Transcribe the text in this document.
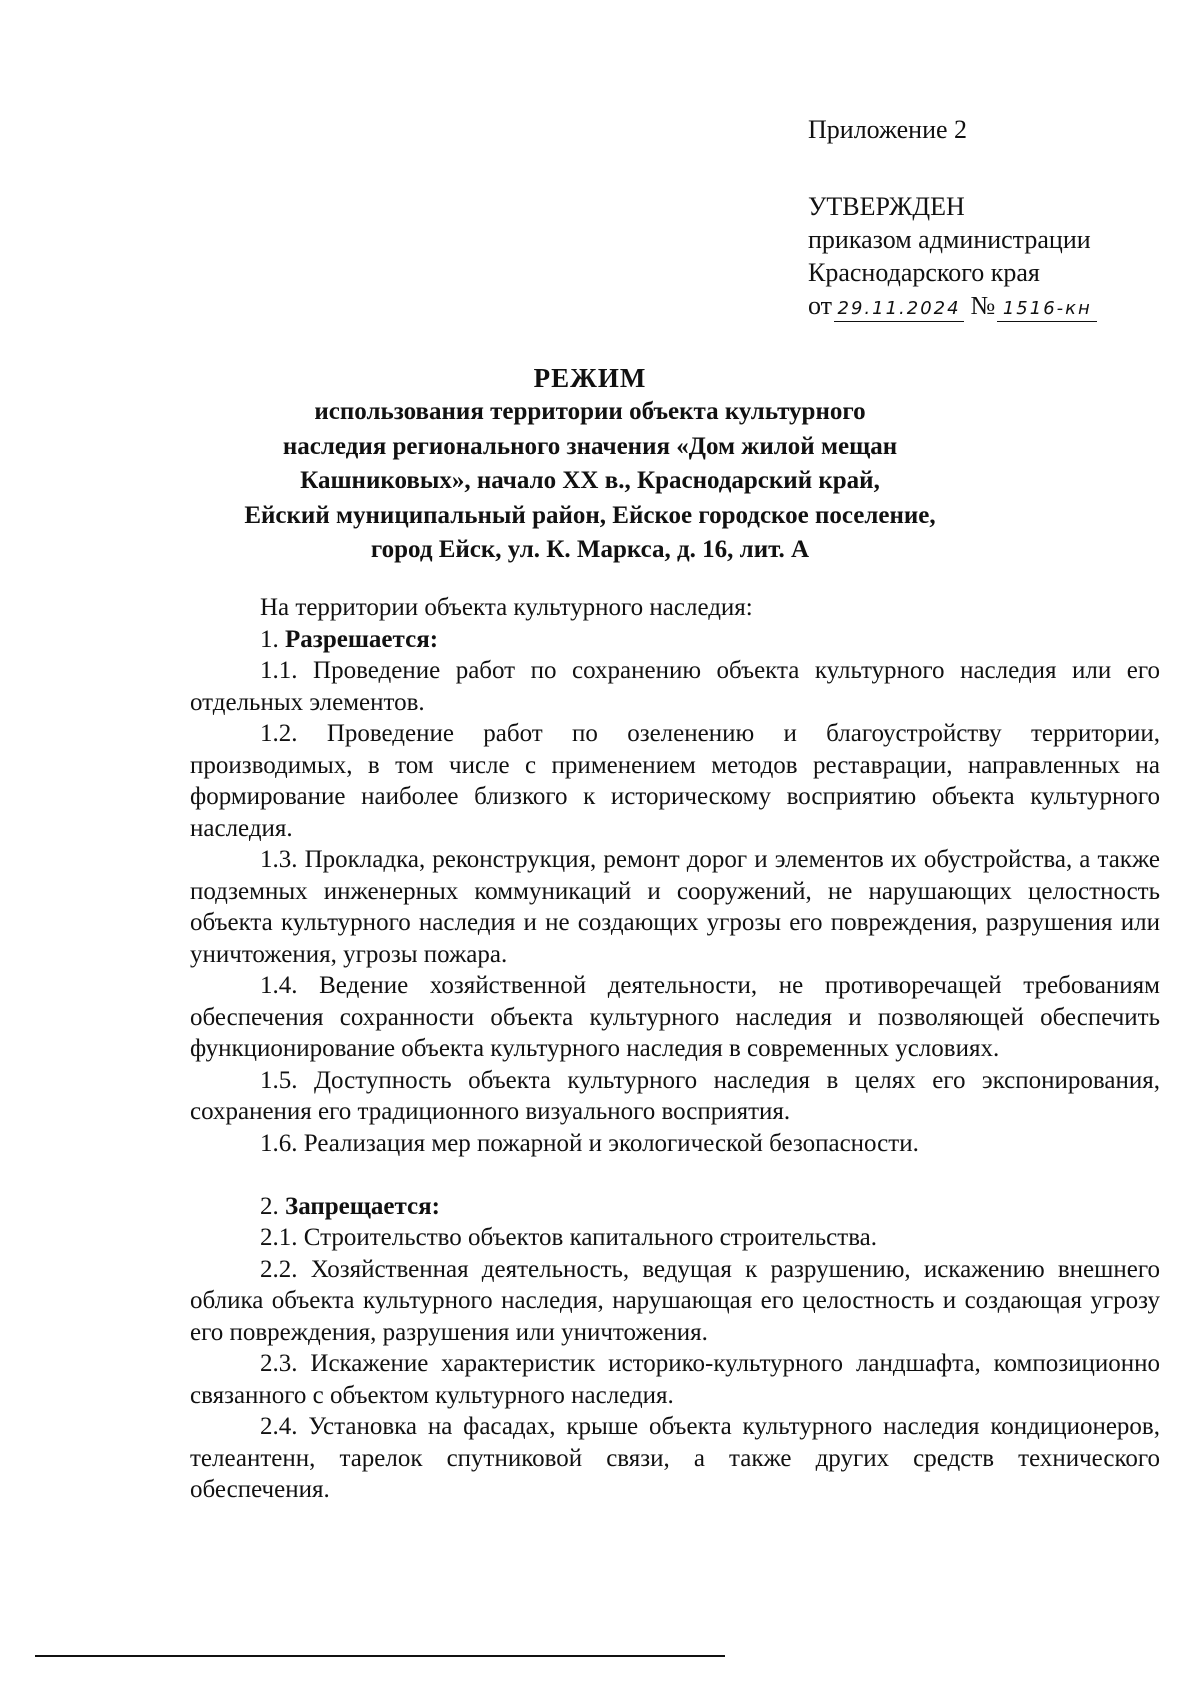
Приложение 2
УТВЕРЖДЕН
приказом администрации
Краснодарского края
от 29.11.2024 № 1516-кн
РЕЖИМ
использования территории объекта культурного
наследия регионального значения «Дом жилой мещан
Кашниковых», начало XX в., Краснодарский край,
Ейский муниципальный район, Ейское городское поселение,
город Ейск, ул. К. Маркса, д. 16, лит. А

На территории объекта культурного наследия:

1. Разрешается:

1.1. Проведение работ по сохранению объекта культурного наследия или его отдельных элементов.

1.2. Проведение работ по озеленению и благоустройству территории, производимых, в том числе с применением методов реставрации, направленных на формирование наиболее близкого к историческому восприятию объекта культурного наследия.

1.3. Прокладка, реконструкция, ремонт дорог и элементов их обустройства, а также подземных инженерных коммуникаций и сооружений, не нарушающих целостность объекта культурного наследия и не создающих угрозы его повреждения, разрушения или уничтожения, угрозы пожара.

1.4. Ведение хозяйственной деятельности, не противоречащей требованиям обеспечения сохранности объекта культурного наследия и позволяющей обеспечить функционирование объекта культурного наследия в современных условиях.

1.5. Доступность объекта культурного наследия в целях его экспонирования, сохранения его традиционного визуального восприятия.

1.6. Реализация мер пожарной и экологической безопасности.

2. Запрещается:

2.1. Строительство объектов капитального строительства.

2.2. Хозяйственная деятельность, ведущая к разрушению, искажению внешнего облика объекта культурного наследия, нарушающая его целостность и создающая угрозу его повреждения, разрушения или уничтожения.

2.3. Искажение характеристик историко-культурного ландшафта, композиционно связанного с объектом культурного наследия.

2.4. Установка на фасадах, крыше объекта культурного наследия кондиционеров, телеантенн, тарелок спутниковой связи, а также других средств технического обеспечения.
